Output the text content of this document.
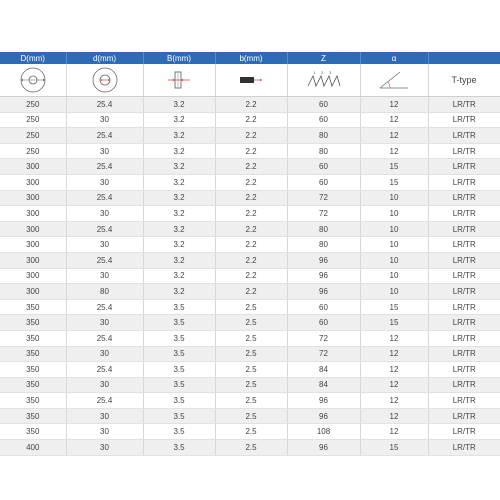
D(mm)	d(mm)	B(mm)	b(mm)	Z	α	

1 2 3		T-type
250	25.4	3.2	2.2	60	12	LR/TR
250	30	3.2	2.2	60	12	LR/TR
250	25.4	3.2	2.2	80	12	LR/TR
250	30	3.2	2.2	80	12	LR/TR
300	25.4	3.2	2.2	60	15	LR/TR
300	30	3.2	2.2	60	15	LR/TR
300	25.4	3.2	2.2	72	10	LR/TR
300	30	3.2	2.2	72	10	LR/TR
300	25.4	3.2	2.2	80	10	LR/TR
300	30	3.2	2.2	80	10	LR/TR
300	25.4	3.2	2.2	96	10	LR/TR
300	30	3.2	2.2	96	10	LR/TR
300	80	3.2	2.2	96	10	LR/TR
350	25.4	3.5	2.5	60	15	LR/TR
350	30	3.5	2.5	60	15	LR/TR
350	25.4	3.5	2.5	72	12	LR/TR
350	30	3.5	2.5	72	12	LR/TR
350	25.4	3.5	2.5	84	12	LR/TR
350	30	3.5	2.5	84	12	LR/TR
350	25.4	3.5	2.5	96	12	LR/TR
350	30	3.5	2.5	96	12	LR/TR
350	30	3.5	2.5	108	12	LR/TR
400	30	3.5	2.5	96	15	LR/TR
